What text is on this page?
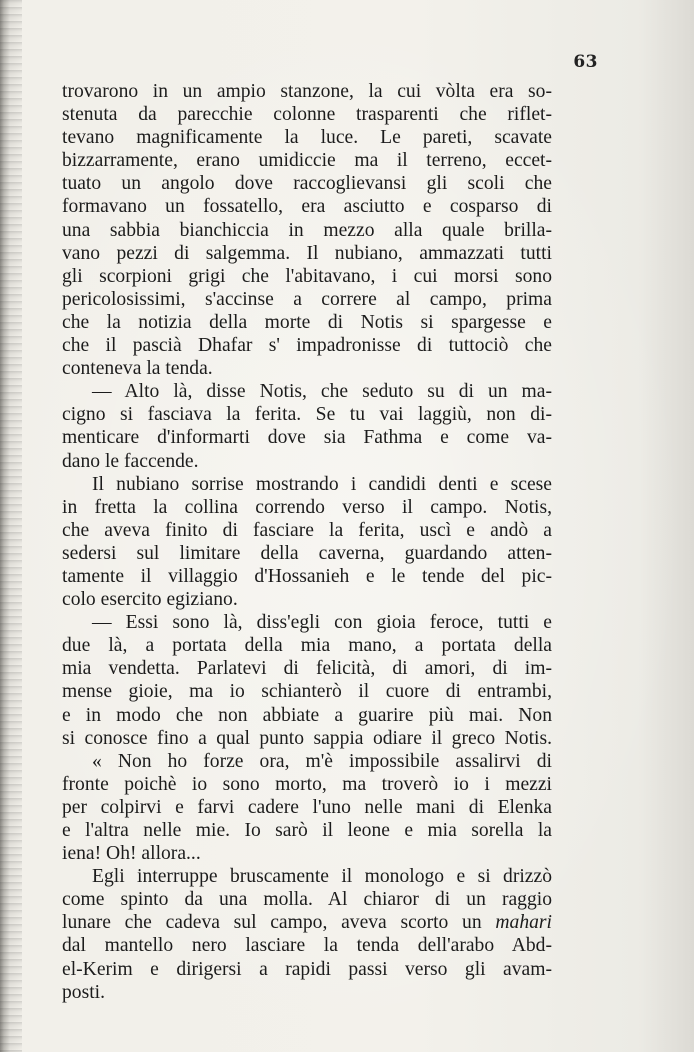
63
trovarono in un ampio stanzone, la cui vòlta era so-
stenuta da parecchie colonne trasparenti che riflet-
tevano magnificamente la luce. Le pareti, scavate
bizzarramente, erano umidiccie ma il terreno, eccet-
tuato un angolo dove raccoglievansi gli scoli che
formavano un fossatello, era asciutto e cosparso di
una sabbia bianchiccia in mezzo alla quale brilla-
vano pezzi di salgemma. Il nubiano, ammazzati tutti
gli scorpioni grigi che l'abitavano, i cui morsi sono
pericolosissimi, s'accinse a correre al campo, prima
che la notizia della morte di Notis si spargesse e
che il pascià Dhafar s' impadronisse di tuttociò che
conteneva la tenda.
— Alto là, disse Notis, che seduto su di un ma-
cigno si fasciava la ferita. Se tu vai laggiù, non di-
menticare d'informarti dove sia Fathma e come va-
dano le faccende.
Il nubiano sorrise mostrando i candidi denti e scese
in fretta la collina correndo verso il campo. Notis,
che aveva finito di fasciare la ferita, uscì e andò a
sedersi sul limitare della caverna, guardando atten-
tamente il villaggio d'Hossanieh e le tende del pic-
colo esercito egiziano.
— Essi sono là, diss'egli con gioia feroce, tutti e
due là, a portata della mia mano, a portata della
mia vendetta. Parlatevi di felicità, di amori, di im-
mense gioie, ma io schianterò il cuore di entrambi,
e in modo che non abbiate a guarire più mai. Non
si conosce fino a qual punto sappia odiare il greco Notis.
« Non ho forze ora, m'è impossibile assalirvi di
fronte poichè io sono morto, ma troverò io i mezzi
per colpirvi e farvi cadere l'uno nelle mani di Elenka
e l'altra nelle mie. Io sarò il leone e mia sorella la
iena! Oh! allora...
Egli interruppe bruscamente il monologo e si drizzò
come spinto da una molla. Al chiaror di un raggio
lunare che cadeva sul campo, aveva scorto un mahari
dal mantello nero lasciare la tenda dell'arabo Abd-
el-Kerim e dirigersi a rapidi passi verso gli avam-
posti.
